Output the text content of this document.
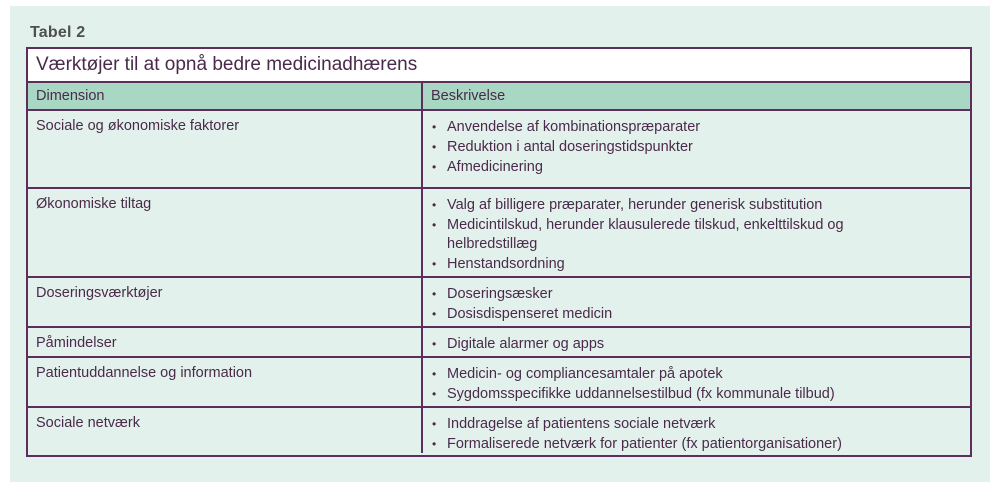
Tabel 2
Værktøjer til at opnå bedre medicinadhærens
Dimension	Beskrivelse
Sociale og økonomiske faktorer	• Anvendelse af kombinationspræparater
• Reduktion i antal doseringstidspunkter
• Afmedicinering
Økonomiske tiltag	• Valg af billigere præparater, herunder generisk substitution
• Medicintilskud, herunder klausulerede tilskud, enkelttilskud og helbredstillæg
• Henstandsordning
Doseringsværktøjer	• Doseringsæsker
• Dosisdispenseret medicin
Påmindelser	• Digitale alarmer og apps
Patientuddannelse og information	• Medicin- og compliancesamtaler på apotek
• Sygdomsspecifikke uddannelsestilbud (fx kommunale tilbud)
Sociale netværk	• Inddragelse af patientens sociale netværk
• Formaliserede netværk for patienter (fx patientorganisationer)
